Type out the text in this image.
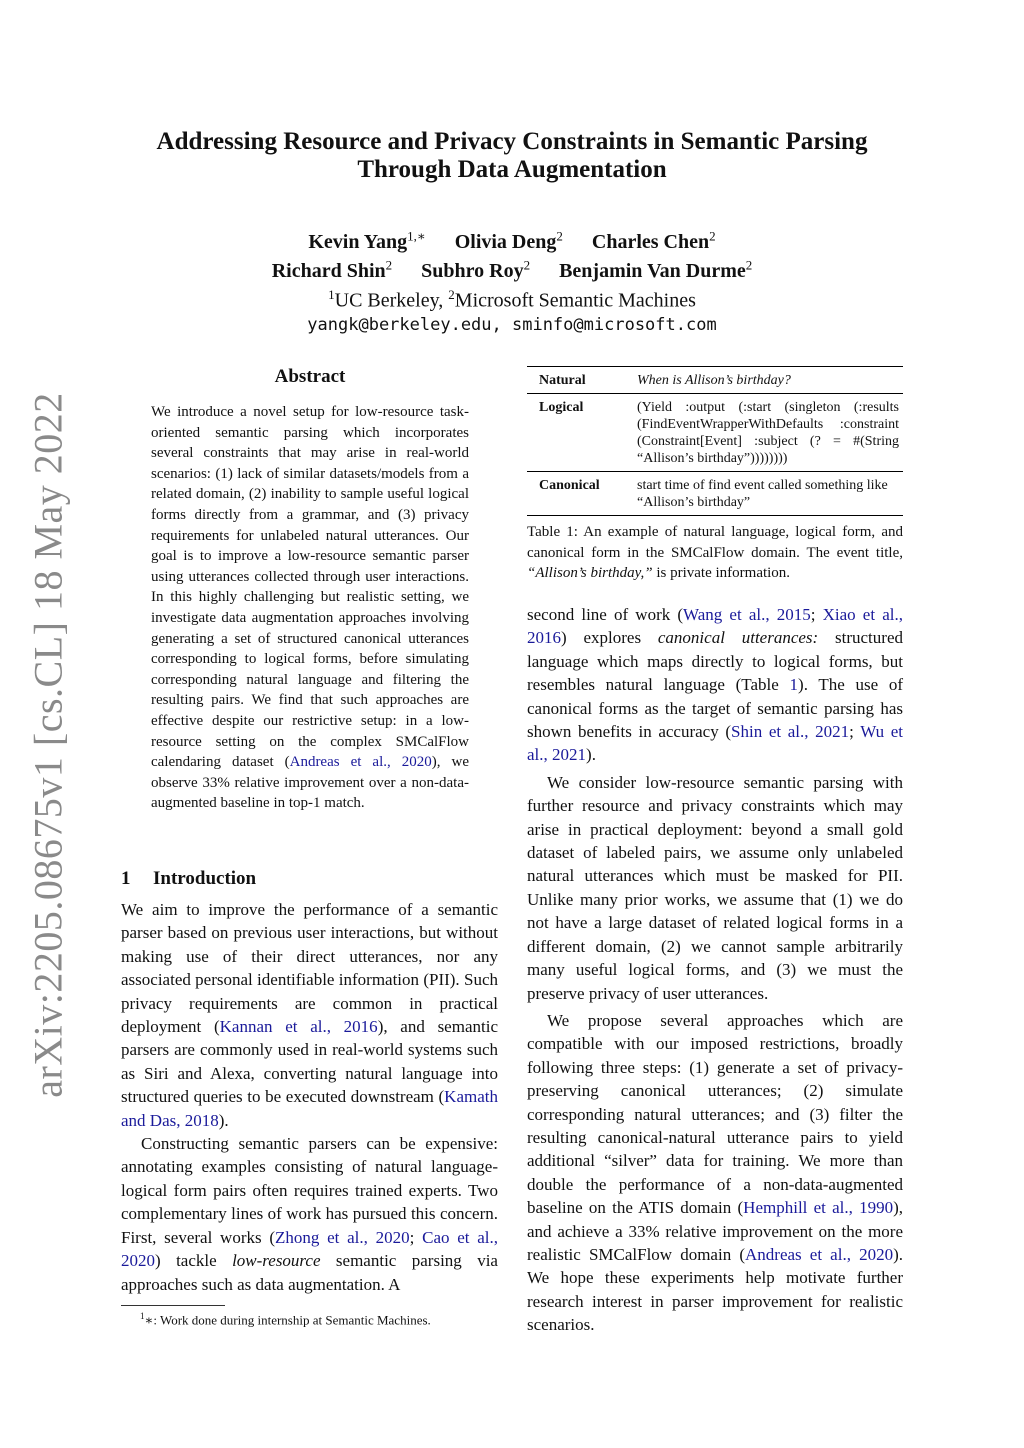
arXiv:2205.08675v1 [cs.CL] 18 May 2022
Addressing Resource and Privacy Constraints in Semantic Parsing
Through Data Augmentation
Kevin Yang$^{1,∗}$ Olivia Deng$^2$ Charles Chen$^2$
Richard Shin$^2$ Subhro Roy$^2$ Benjamin Van Durme$^2$
$^1$UC Berkeley, $^2$Microsoft Semantic Machines
yangk@berkeley.edu, sminfo@microsoft.com
Abstract

We introduce a novel setup for low-resource task-oriented semantic parsing which incorporates several constraints that may arise in real-world scenarios: (1) lack of similar datasets/models from a related domain, (2) inability to sample useful logical forms directly from a grammar, and (3) privacy requirements for unlabeled natural utterances. Our goal is to improve a low-resource semantic parser using utterances collected through user interactions. In this highly challenging but realistic setting, we investigate data augmentation approaches involving generating a set of structured canonical utterances corresponding to logical forms, before simulating corresponding natural language and filtering the resulting pairs. We find that such approaches are effective despite our restrictive setup: in a low-resource setting on the complex SMCalFlow calendaring dataset (Andreas et al., 2020), we observe 33% relative improvement over a non-data-augmented baseline in top-1 match.

1 Introduction

We aim to improve the performance of a semantic parser based on previous user interactions, but without making use of their direct utterances, nor any associated personal identifiable information (PII). Such privacy requirements are common in practical deployment (Kannan et al., 2016), and semantic parsers are commonly used in real-world systems such as Siri and Alexa, converting natural language into structured queries to be executed downstream (Kamath and Das, 2018).

Constructing semantic parsers can be expensive: annotating examples consisting of natural language-logical form pairs often requires trained experts. Two complementary lines of work has pursued this concern. First, several works (Zhong et al., 2020; Cao et al., 2020) tackle low-resource semantic parsing via approaches such as data augmentation. A

$^1$∗: Work done during internship at Semantic Machines.
Natural	When is Allison’s birthday?
Logical	(Yield :output (:start (singleton (:results (FindEventWrapperWithDefaults :constraint (Constraint[Event] :subject (? = #(String “Allison’s birthday”))))))))
Canonical	start time of find event called something like “Allison’s birthday”
Table 1: An example of natural language, logical form, and canonical form in the SMCalFlow domain. The event title, “Allison’s birthday,” is private information.

second line of work (Wang et al., 2015; Xiao et al., 2016) explores canonical utterances: structured language which maps directly to logical forms, but resembles natural language (Table 1). The use of canonical forms as the target of semantic parsing has shown benefits in accuracy (Shin et al., 2021; Wu et al., 2021).

We consider low-resource semantic parsing with further resource and privacy constraints which may arise in practical deployment: beyond a small gold dataset of labeled pairs, we assume only unlabeled natural utterances which must be masked for PII. Unlike many prior works, we assume that (1) we do not have a large dataset of related logical forms in a different domain, (2) we cannot sample arbitrarily many useful logical forms, and (3) we must the preserve privacy of user utterances.

We propose several approaches which are compatible with our imposed restrictions, broadly following three steps: (1) generate a set of privacy-preserving canonical utterances; (2) simulate corresponding natural utterances; and (3) filter the resulting canonical-natural utterance pairs to yield additional “silver” data for training. We more than double the performance of a non-data-augmented baseline on the ATIS domain (Hemphill et al., 1990), and achieve a 33% relative improvement on the more realistic SMCalFlow domain (Andreas et al., 2020). We hope these experiments help motivate further research interest in parser improvement for realistic scenarios.
